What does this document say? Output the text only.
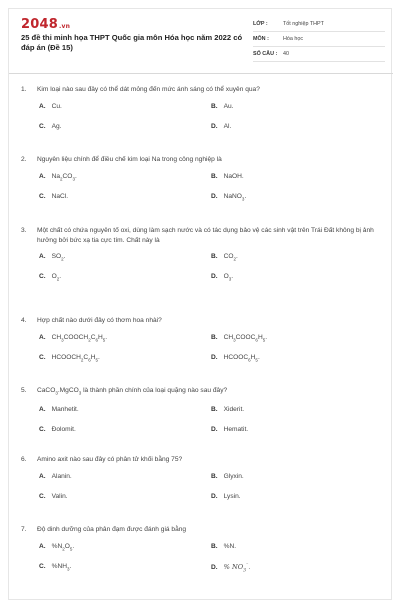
2048.vn
25 đề thi minh họa THPT Quốc gia môn Hóa học năm 2022 có đáp án (Đề 15)
LỚP :	Tốt nghiệp THPT
MÔN :	Hóa học
SỐ CÂU : 40
1. Kim loại nào sau đây có thể dát mỏng đến mức ánh sáng có thể xuyên qua?
A. Cu.	B. Au.
C. Ag.	D. Al.
2. Nguyên liệu chính để điều chế kim loại Na trong công nghiệp là
A. $Na_2CO_3$.	B. NaOH.
C. NaCl.	D. NaNO$_3$.
3. Một chất có chứa nguyên tố oxi, dùng làm sạch nước và có tác dụng bảo vệ các sinh vật trên Trái Đất không bị ảnh hưởng bởi bức xạ tia cực tím. Chất này là
A. $SO_2$.	B. $CO_2$.
C. $O_2$.	D. $O_3$.
4. Hợp chất nào dưới đây có thơm hoa nhài?
A. $CH_3COOCH_2C_6H_5$.	B. $CH_3COOC_6H_5$.
C. $HCOOCH_2C_6H_5$.	D. $HCOOC_6H_5$.
5. CaCO$_3$.MgCO$_3$ là thành phần chính của loại quặng nào sau đây?
A. Manhetit.	B. Xiderit.
C. Đolomit.	D. Hematit.
6. Amino axit nào sau đây có phân tử khối bằng 75?
A. Alanin.	B. Glyxin.
C. Valin.	D. Lysin.
7. Độ dinh dưỡng của phân đạm được đánh giá bằng
A. $\%N_2O_5$.	B. %N.
C. $\%NH_3$.	D. % $NO_3^{^-}$.
